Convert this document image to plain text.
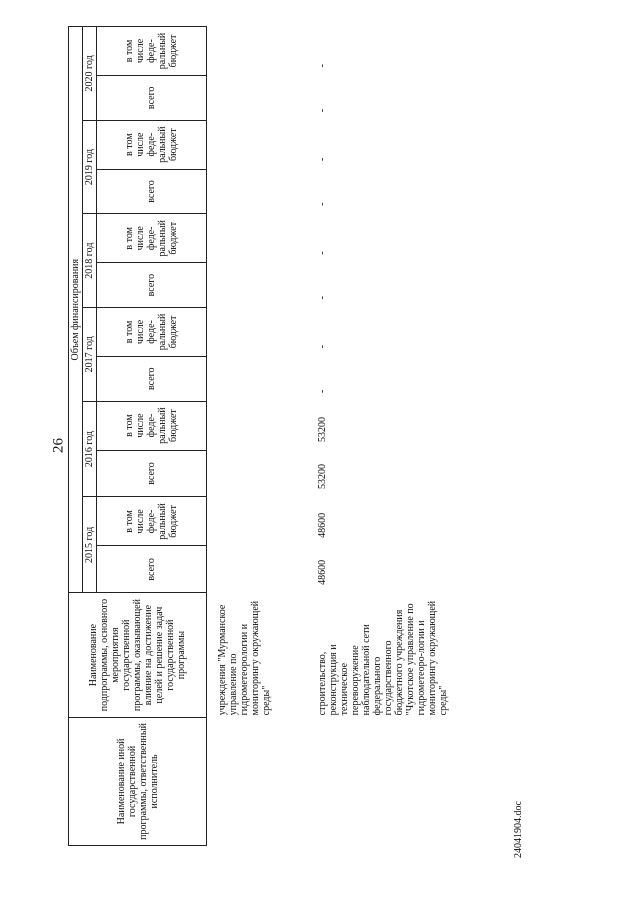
26
Наименование иной государственной программы, ответственный исполнитель	Наименование подпрограммы, основного мероприятия государственной программы, оказывающей влияние на достижение целей и решение задач государственной программы	Объем финансирования											
		2015 год		2016 год		2017 год		2018 год		2019 год		2020 год	
		всего	в том числе феде-ральный бюджет	всего	в том числе феде-ральный бюджет	всего	в том числе феде-ральный бюджет	всего	в том числе феде-ральный бюджет	всего	в том числе феде-ральный бюджет	всего	в том числе феде-ральный бюджет
	учреждения "Мурманское управление по гидрометеорологии и мониторингу окружающей среды"												
	строительство, реконструкция и техническое перевооружение наблюдательной сети федерального государственного бюджетного учреждения "Чукотское управление по гидрометеоро-логии и мониторингу окружающей среды"	48600	48600	53200	53200	-	-	-	-	-	-	-	-
24041904.doc
